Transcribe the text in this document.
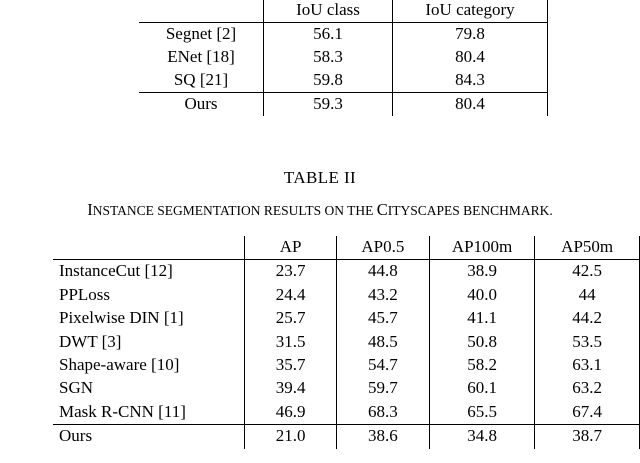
	IoU class	IoU category
Segnet [2]	56.1	79.8
ENet [18]	58.3	80.4
SQ [21]	59.8	84.3
Ours	59.3	80.4
TABLE II
INSTANCE SEGMENTATION RESULTS ON THE CITYSCAPES BENCHMARK.
	AP	AP0.5	AP100m	AP50m
InstanceCut [12]	23.7	44.8	38.9	42.5
PPLoss	24.4	43.2	40.0	44
Pixelwise DIN [1]	25.7	45.7	41.1	44.2
DWT [3]	31.5	48.5	50.8	53.5
Shape-aware [10]	35.7	54.7	58.2	63.1
SGN	39.4	59.7	60.1	63.2
Mask R-CNN [11]	46.9	68.3	65.5	67.4
Ours	21.0	38.6	34.8	38.7
